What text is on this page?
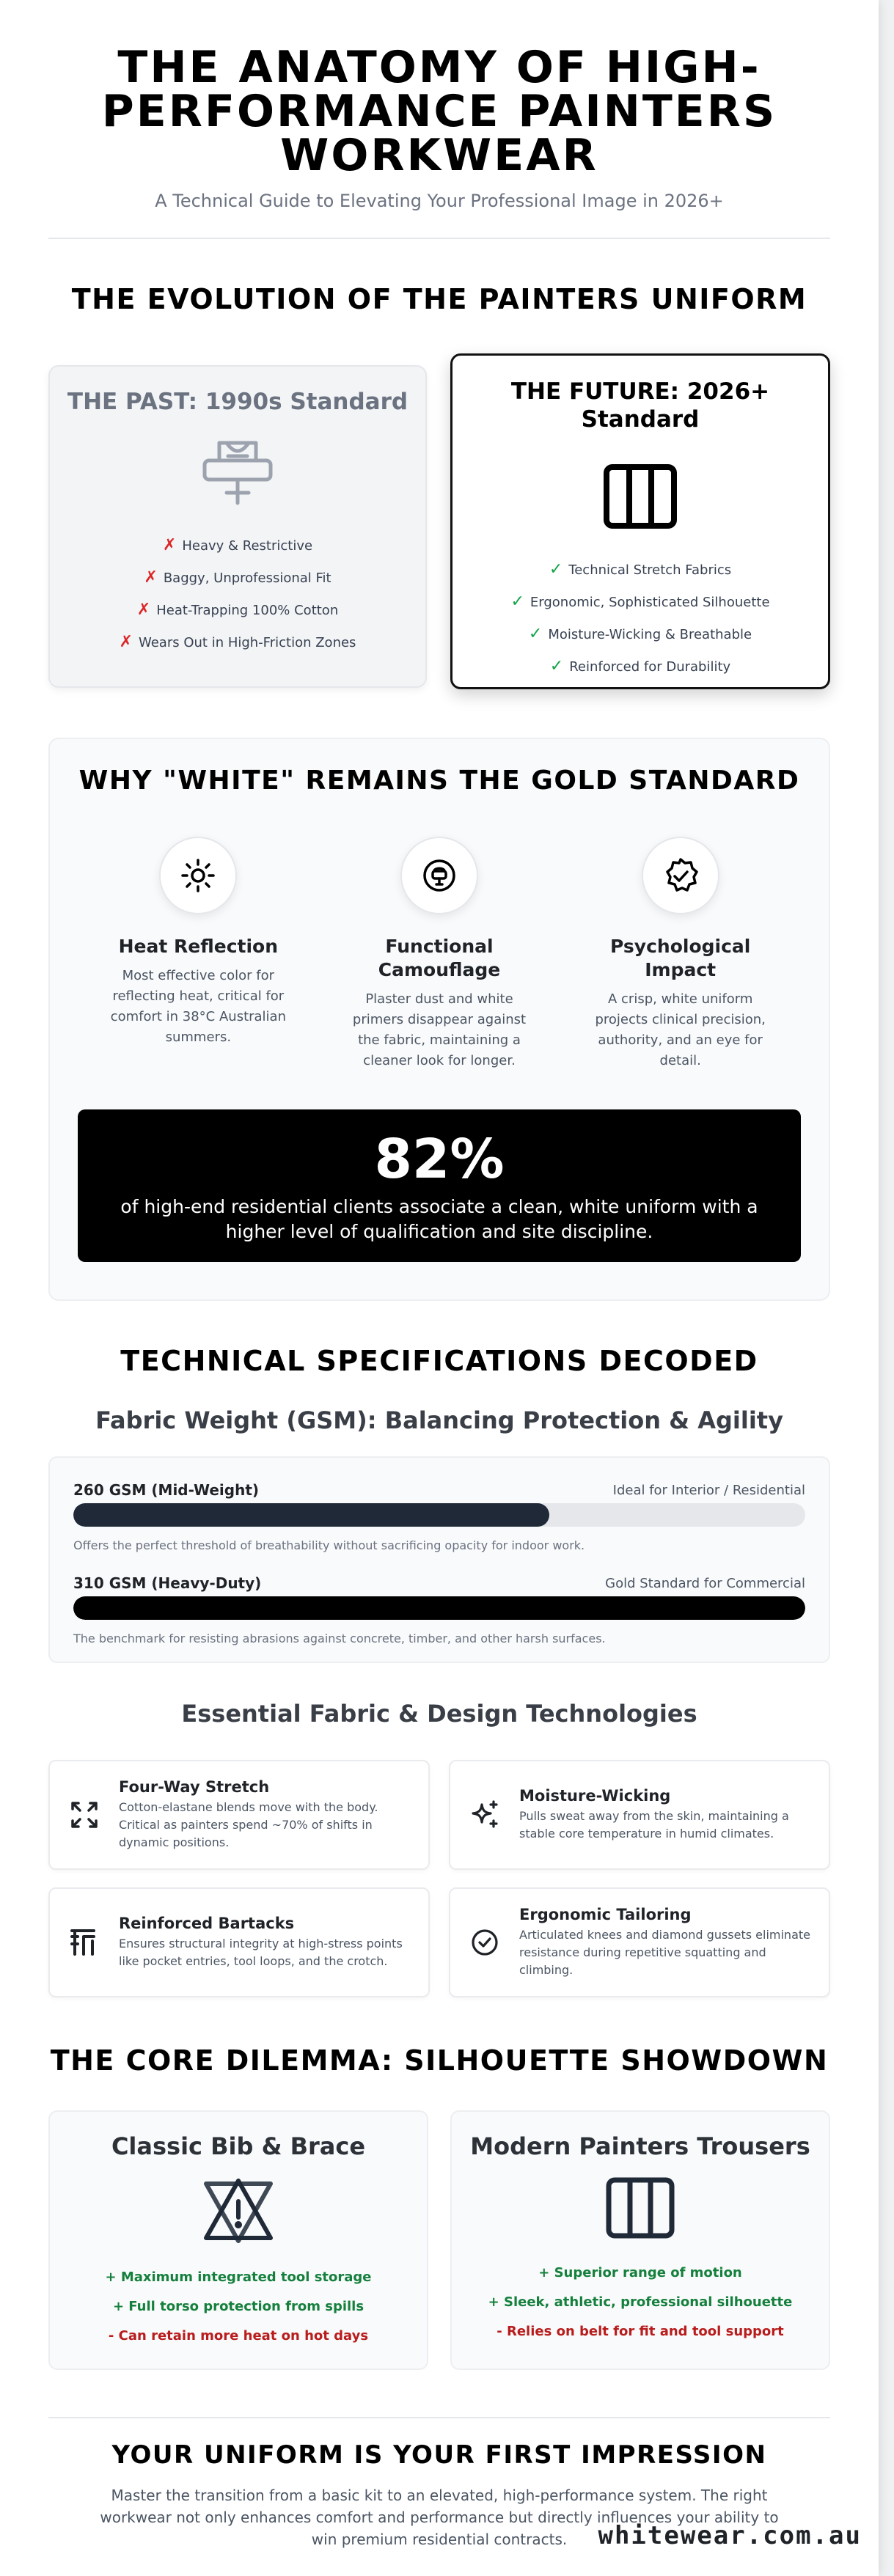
THE ANATOMY OF HIGH-PERFORMANCE PAINTERS WORKWEAR

A Technical Guide to Elevating Your Professional Image in 2026+

THE EVOLUTION OF THE PAINTERS UNIFORM
THE PAST: 1990s Standard
✗ Heavy & Restrictive
✗ Baggy, Unprofessional Fit
✗ Heat-Trapping 100% Cotton
✗ Wears Out in High-Friction Zones
THE FUTURE: 2026+ Standard
✓ Technical Stretch Fabrics
✓ Ergonomic, Sophisticated Silhouette
✓ Moisture-Wicking & Breathable
✓ Reinforced for Durability
WHY "WHITE" REMAINS THE GOLD STANDARD
Heat Reflection
Most effective color for reflecting heat, critical for comfort in 38°C Australian summers.
Functional Camouflage
Plaster dust and white primers disappear against the fabric, maintaining a cleaner look for longer.
Psychological Impact
A crisp, white uniform projects clinical precision, authority, and an eye for detail.
82%
of high-end residential clients associate a clean, white uniform with a higher level of qualification and site discipline.
TECHNICAL SPECIFICATIONS DECODED
Fabric Weight (GSM): Balancing Protection & Agility
260 GSM (Mid-Weight)	Ideal for Interior / Residential
Offers the perfect threshold of breathability without sacrificing opacity for indoor work.
310 GSM (Heavy-Duty)	Gold Standard for Commercial
The benchmark for resisting abrasions against concrete, timber, and other harsh surfaces.
Essential Fabric & Design Technologies
Four-Way Stretch
Cotton-elastane blends move with the body. Critical as painters spend ~70% of shifts in dynamic positions.
Moisture-Wicking
Pulls sweat away from the skin, maintaining a stable core temperature in humid climates.
Reinforced Bartacks
Ensures structural integrity at high-stress points like pocket entries, tool loops, and the crotch.
Ergonomic Tailoring
Articulated knees and diamond gussets eliminate resistance during repetitive squatting and climbing.
THE CORE DILEMMA: SILHOUETTE SHOWDOWN
Classic Bib & Brace
+ Maximum integrated tool storage
+ Full torso protection from spills
- Can retain more heat on hot days
Modern Painters Trousers
+ Superior range of motion
+ Sleek, athletic, professional silhouette
- Relies on belt for fit and tool support
YOUR UNIFORM IS YOUR FIRST IMPRESSION

Master the transition from a basic kit to an elevated, high-performance system. The right workwear not only enhances comfort and performance but directly influences your ability to win premium residential contracts.	whitewear.com.au
